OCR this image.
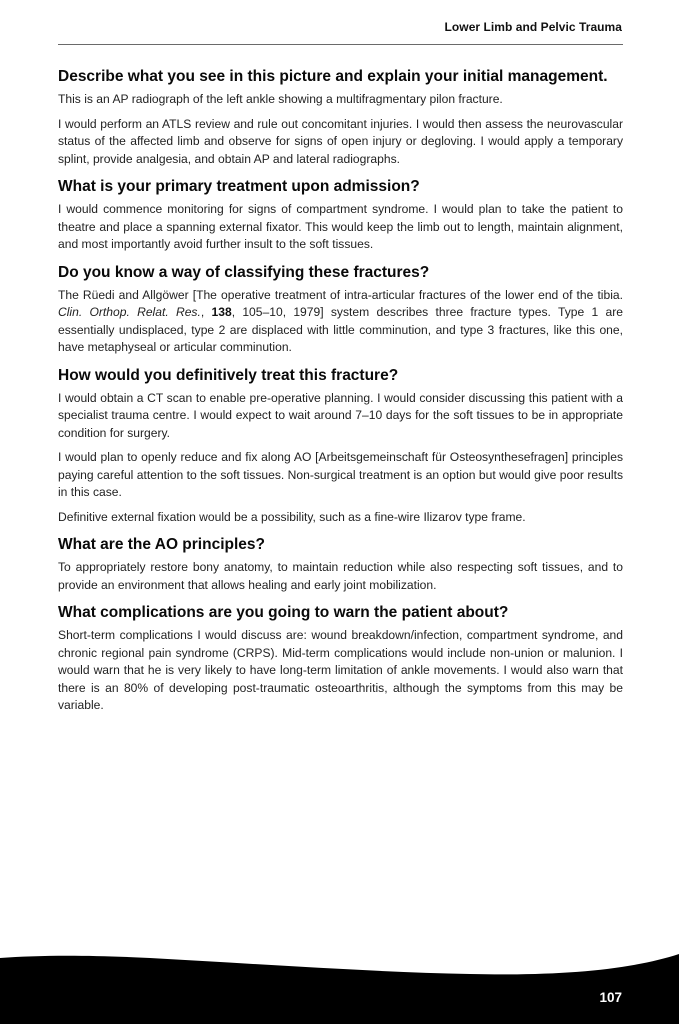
Lower Limb and Pelvic Trauma
Describe what you see in this picture and explain your initial management.

This is an AP radiograph of the left ankle showing a multifragmentary pilon fracture.

I would perform an ATLS review and rule out concomitant injuries. I would then assess the neurovascular status of the affected limb and observe for signs of open injury or degloving. I would apply a temporary splint, provide analgesia, and obtain AP and lateral radiographs.

What is your primary treatment upon admission?

I would commence monitoring for signs of compartment syndrome. I would plan to take the patient to theatre and place a spanning external fixator. This would keep the limb out to length, maintain alignment, and most importantly avoid further insult to the soft tissues.

Do you know a way of classifying these fractures?

The Rüedi and Allgöwer [The operative treatment of intra-articular fractures of the lower end of the tibia. Clin. Orthop. Relat. Res., 138, 105–10, 1979] system describes three fracture types. Type 1 are essentially undisplaced, type 2 are displaced with little comminution, and type 3 fractures, like this one, have metaphyseal or articular comminution.

How would you definitively treat this fracture?

I would obtain a CT scan to enable pre-operative planning. I would consider discussing this patient with a specialist trauma centre. I would expect to wait around 7–10 days for the soft tissues to be in appropriate condition for surgery.

I would plan to openly reduce and fix along AO [Arbeitsgemeinschaft für Osteosynthesefragen] principles paying careful attention to the soft tissues. Non-surgical treatment is an option but would give poor results in this case.

Definitive external fixation would be a possibility, such as a fine-wire Ilizarov type frame.

What are the AO principles?

To appropriately restore bony anatomy, to maintain reduction while also respecting soft tissues, and to provide an environment that allows healing and early joint mobilization.

What complications are you going to warn the patient about?

Short-term complications I would discuss are: wound breakdown/infection, compartment syndrome, and chronic regional pain syndrome (CRPS). Mid-term complications would include non-union or malunion. I would warn that he is very likely to have long-term limitation of ankle movements. I would also warn that there is an 80% of developing post-traumatic osteoarthritis, although the symptoms from this may be variable.

107
